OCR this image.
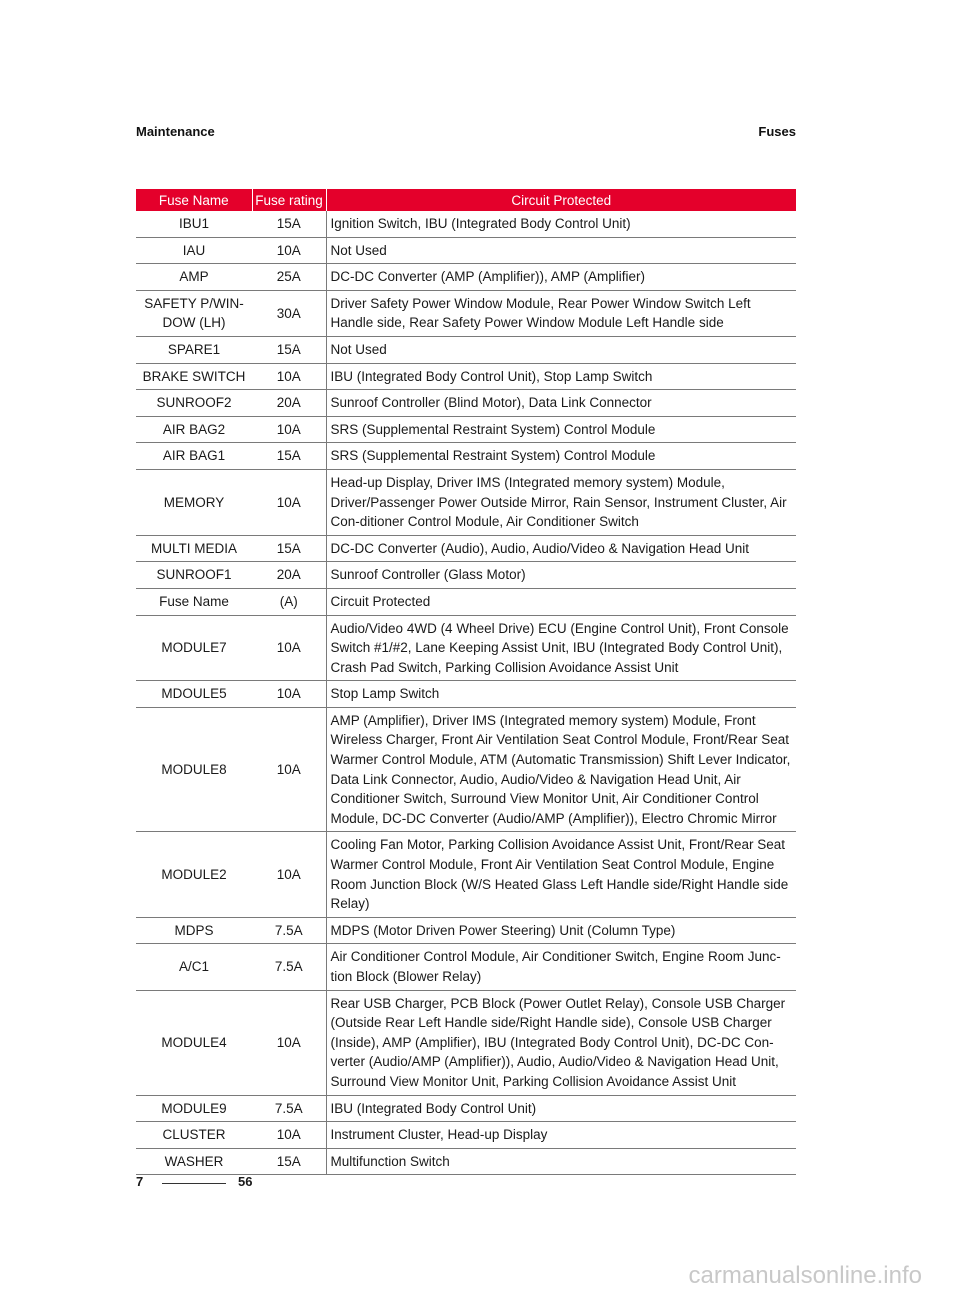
Maintenance	Fuses
Fuse Name	Fuse rating	Circuit Protected
IBU1	15A	Ignition Switch, IBU (Integrated Body Control Unit)
IAU	10A	Not Used
AMP	25A	DC-DC Converter (AMP (Amplifier)), AMP (Amplifier)
SAFETY P/WIN-DOW (LH)	30A	Driver Safety Power Window Module, Rear Power Window Switch Left Handle side, Rear Safety Power Window Module Left Handle side
SPARE1	15A	Not Used
BRAKE SWITCH	10A	IBU (Integrated Body Control Unit), Stop Lamp Switch
SUNROOF2	20A	Sunroof Controller (Blind Motor), Data Link Connector
AIR BAG2	10A	SRS (Supplemental Restraint System) Control Module
AIR BAG1	15A	SRS (Supplemental Restraint System) Control Module
MEMORY	10A	Head-up Display, Driver IMS (Integrated memory system) Module, Driver/Passenger Power Outside Mirror, Rain Sensor, Instrument Cluster, Air Con-ditioner Control Module, Air Conditioner Switch
MULTI MEDIA	15A	DC-DC Converter (Audio), Audio, Audio/Video & Navigation Head Unit
SUNROOF1	20A	Sunroof Controller (Glass Motor)
Fuse Name	(A)	Circuit Protected
MODULE7	10A	Audio/Video 4WD (4 Wheel Drive) ECU (Engine Control Unit), Front Console Switch #1/#2, Lane Keeping Assist Unit, IBU (Integrated Body Control Unit), Crash Pad Switch, Parking Collision Avoidance Assist Unit
MDOULE5	10A	Stop Lamp Switch
MODULE8	10A	AMP (Amplifier), Driver IMS (Integrated memory system) Module, Front Wireless Charger, Front Air Ventilation Seat Control Module, Front/Rear Seat Warmer Control Module, ATM (Automatic Transmission) Shift Lever Indicator, Data Link Connector, Audio, Audio/Video & Navigation Head Unit, Air Conditioner Switch, Surround View Monitor Unit, Air Conditioner Control Module, DC-DC Converter (Audio/AMP (Amplifier)), Electro Chromic Mirror
MODULE2	10A	Cooling Fan Motor, Parking Collision Avoidance Assist Unit, Front/Rear Seat Warmer Control Module, Front Air Ventilation Seat Control Module, Engine Room Junction Block (W/S Heated Glass Left Handle side/Right Handle side Relay)
MDPS	7.5A	MDPS (Motor Driven Power Steering) Unit (Column Type)
A/C1	7.5A	Air Conditioner Control Module, Air Conditioner Switch, Engine Room Junc-tion Block (Blower Relay)
MODULE4	10A	Rear USB Charger, PCB Block (Power Outlet Relay), Console USB Charger (Outside Rear Left Handle side/Right Handle side), Console USB Charger (Inside), AMP (Amplifier), IBU (Integrated Body Control Unit), DC-DC Con-verter (Audio/AMP (Amplifier)), Audio, Audio/Video & Navigation Head Unit, Surround View Monitor Unit, Parking Collision Avoidance Assist Unit
MODULE9	7.5A	IBU (Integrated Body Control Unit)
CLUSTER	10A	Instrument Cluster, Head-up Display
WASHER	15A	Multifunction Switch
7	56
carmanualsonline.info
